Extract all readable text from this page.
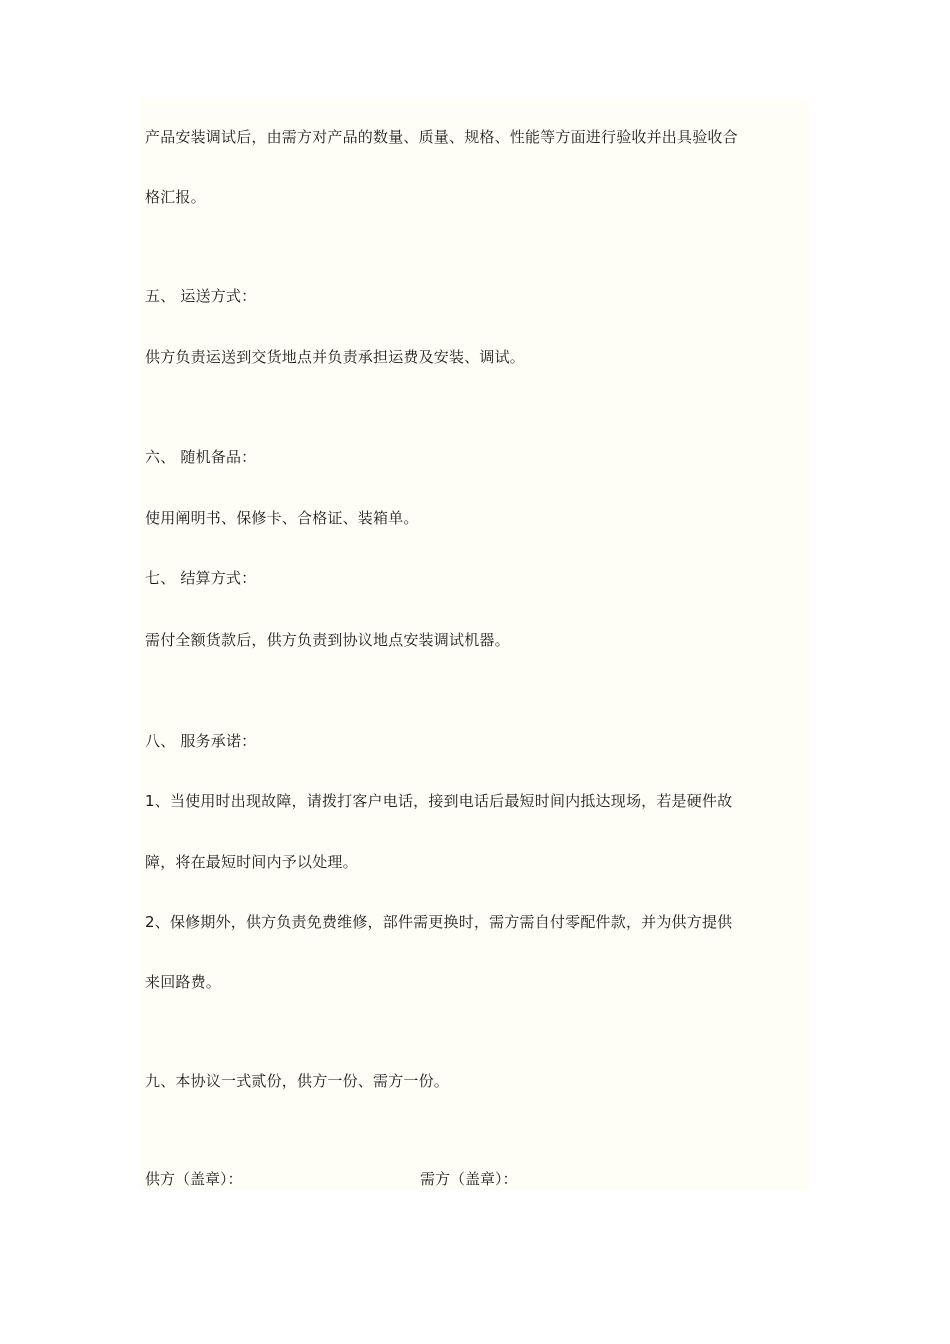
产品安装调试后，由需方对产品的数量、质量、规格、性能等方面进行验收并出具验收合
格汇报。
五、 运送方式：
供方负责运送到交货地点并负责承担运费及安装、调试。
六、 随机备品：
使用阐明书、保修卡、合格证、装箱单。
七、 结算方式：
需付全额货款后，供方负责到协议地点安装调试机器。
八、 服务承诺：
1、当使用时出现故障，请拨打客户电话，接到电话后最短时间内抵达现场，若是硬件故
障，将在最短时间内予以处理。
2、保修期外，供方负责免费维修，部件需更换时，需方需自付零配件款，并为供方提供
来回路费。
九、本协议一式贰份，供方一份、需方一份。
供方（盖章）：	需方（盖章）：
